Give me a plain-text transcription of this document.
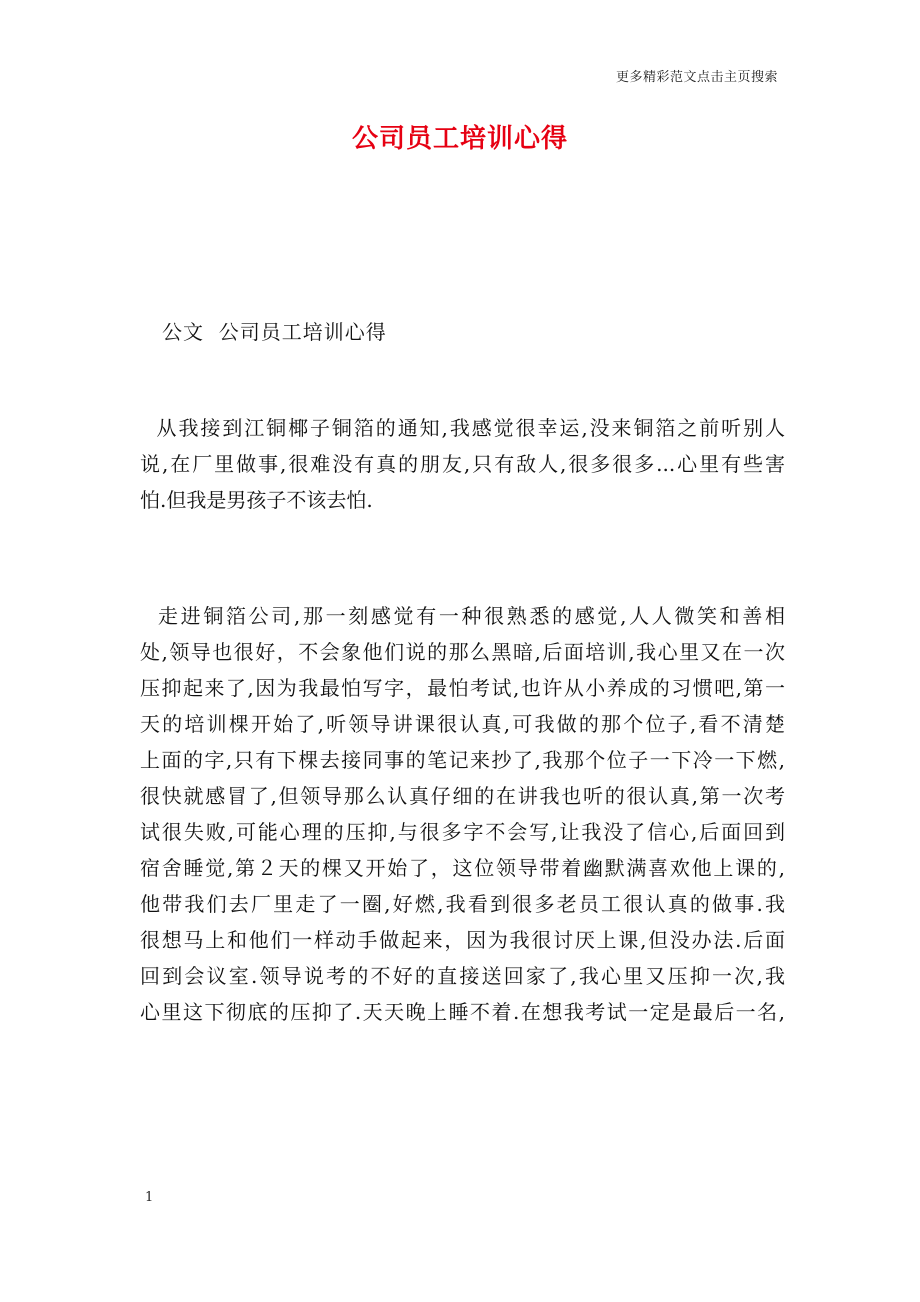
更多精彩范文点击主页搜索
公司员工培训心得
公文  公司员工培训心得

从我接到江铜椰子铜箔的通知,我感觉很幸运,没来铜箔之前听别人
说,在厂里做事,很难没有真的朋友,只有敌人,很多很多...心里有些害
怕.但我是男孩子不该去怕.

走进铜箔公司,那一刻感觉有一种很熟悉的感觉,人人微笑和善相
处,领导也很好，不会象他们说的那么黑暗,后面培训,我心里又在一次
压抑起来了,因为我最怕写字，最怕考试,也许从小养成的习惯吧,第一
天的培训棵开始了,听领导讲课很认真,可我做的那个位子,看不清楚
上面的字,只有下棵去接同事的笔记来抄了,我那个位子一下冷一下燃,
很快就感冒了,但领导那么认真仔细的在讲我也听的很认真,第一次考
试很失败,可能心理的压抑,与很多字不会写,让我没了信心,后面回到
宿舍睡觉,第２天的棵又开始了，这位领导带着幽默满喜欢他上课的,
他带我们去厂里走了一圈,好燃,我看到很多老员工很认真的做事.我
很想马上和他们一样动手做起来，因为我很讨厌上课,但没办法.后面
回到会议室.领导说考的不好的直接送回家了,我心里又压抑一次,我
心里这下彻底的压抑了.天天晚上睡不着.在想我考试一定是最后一名,

1
